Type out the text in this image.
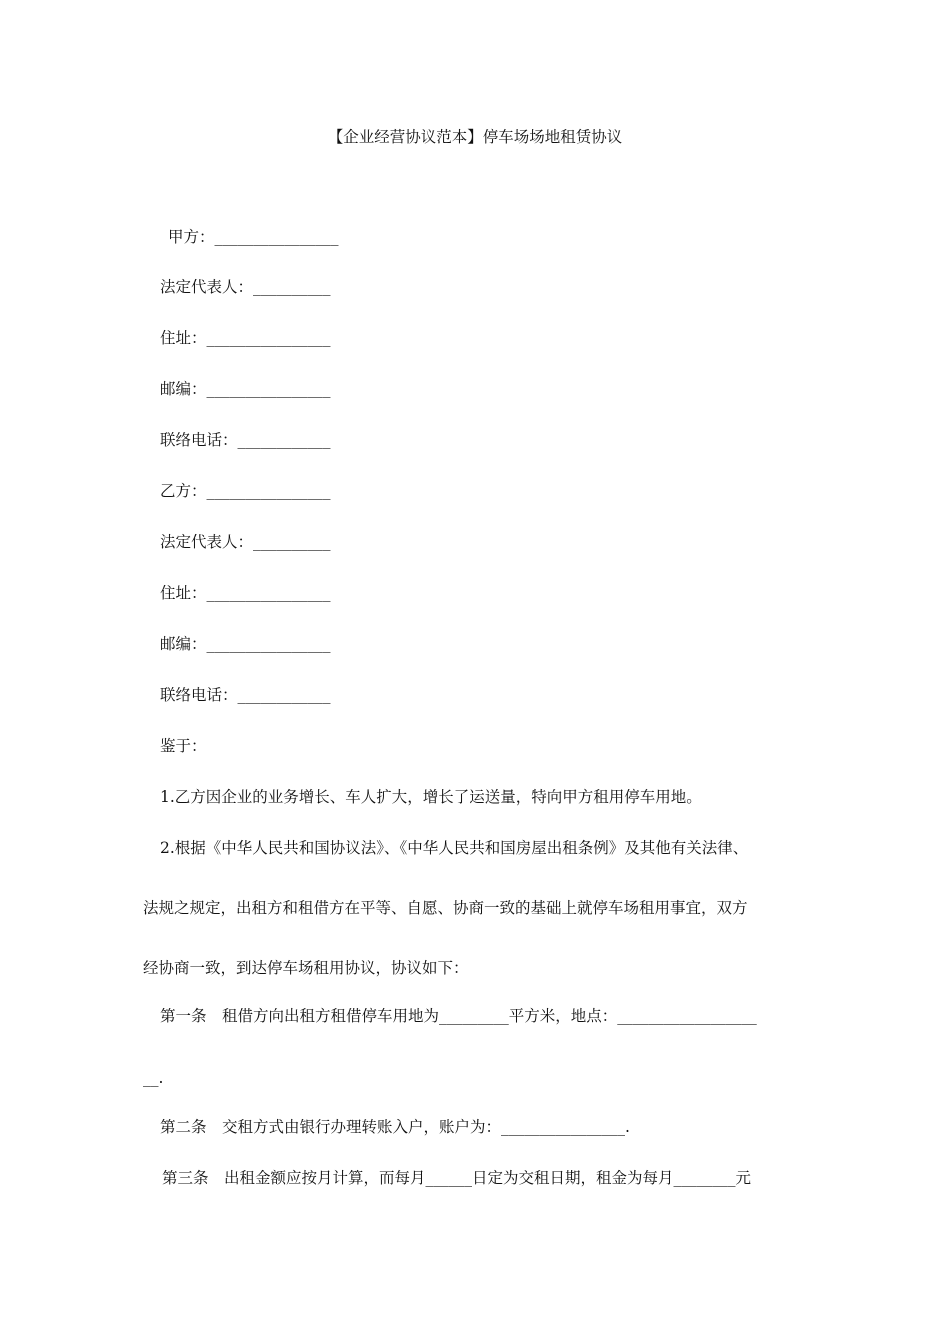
【企业经营协议范本】停车场场地租赁协议
甲方：________________
法定代表人：__________
住址：________________
邮编：________________
联络电话：____________
乙方：________________
法定代表人：__________
住址：________________
邮编：________________
联络电话：____________
鉴于：
1.乙方因企业的业务增长、车人扩大，增长了运送量，特向甲方租用停车用地。
2.根据《中华人民共和国协议法》、《中华人民共和国房屋出租条例》及其他有关法律、
法规之规定，出租方和租借方在平等、自愿、协商一致的基础上就停车场租用事宜，双方
经协商一致，到达停车场租用协议，协议如下：
第一条　租借方向出租方租借停车用地为_________平方米，地点：__________________
__.
第二条　交租方式由银行办理转账入户，账户为：________________.
第三条　出租金额应按月计算，而每月______日定为交租日期，租金为每月________元
